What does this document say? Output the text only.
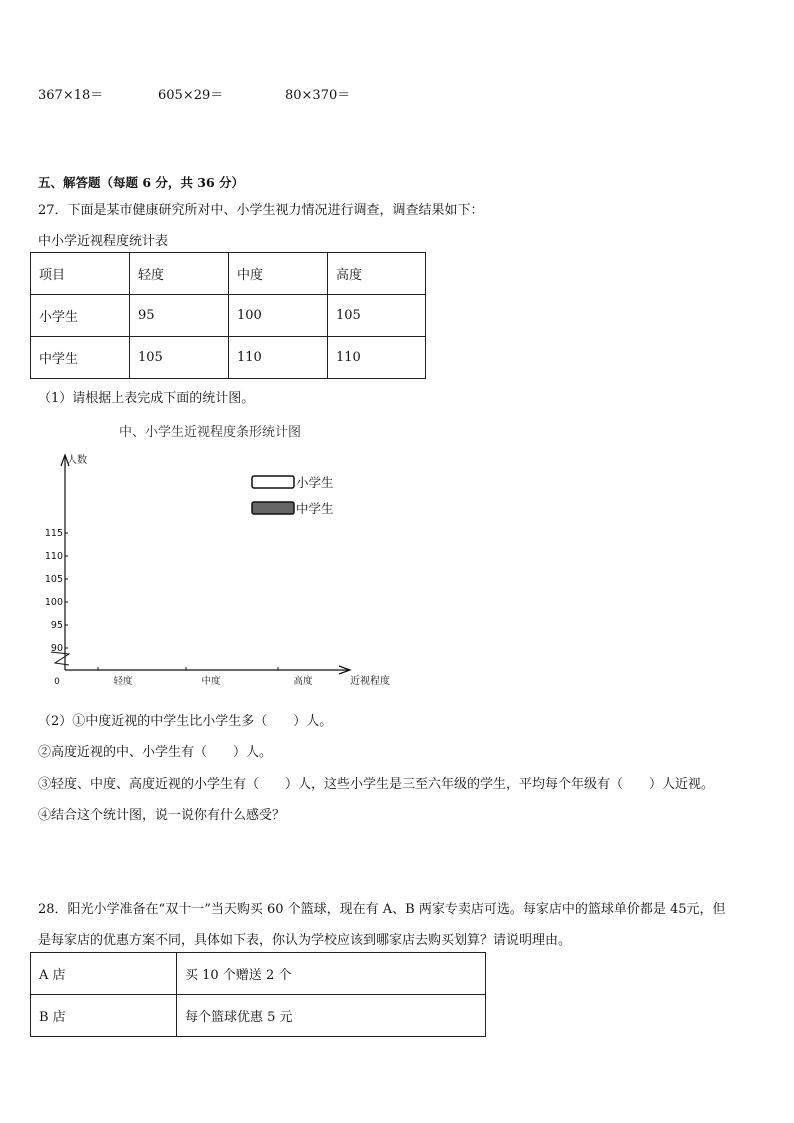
367×18＝	605×29＝	80×370＝
五、解答题（每题 6 分，共 36 分）
27．下面是某市健康研究所对中、小学生视力情况进行调查，调查结果如下：
中小学近视程度统计表
项目	轻度	中度	高度
小学生	95	100	105
中学生	105	110	110
（1）请根据上表完成下面的统计图。
中、小学生近视程度条形统计图
人数
近视程度
0
90
95
100
105
110
115
轻度	中度	高度
小学生
中学生
（2）①中度近视的中学生比小学生多（　　）人。
②高度近视的中、小学生有（　　）人。
③轻度、中度、高度近视的小学生有（　　）人，这些小学生是三至六年级的学生，平均每个年级有（　　）人近视。
④结合这个统计图，说一说你有什么感受？
28．阳光小学准备在“双十一”当天购买 60 个篮球，现在有 A、B 两家专卖店可选。每家店中的篮球单价都是 45元，但
是每家店的优惠方案不同，具体如下表，你认为学校应该到哪家店去购买划算？请说明理由。
A 店	买 10 个赠送 2 个
B 店	每个篮球优惠 5 元
